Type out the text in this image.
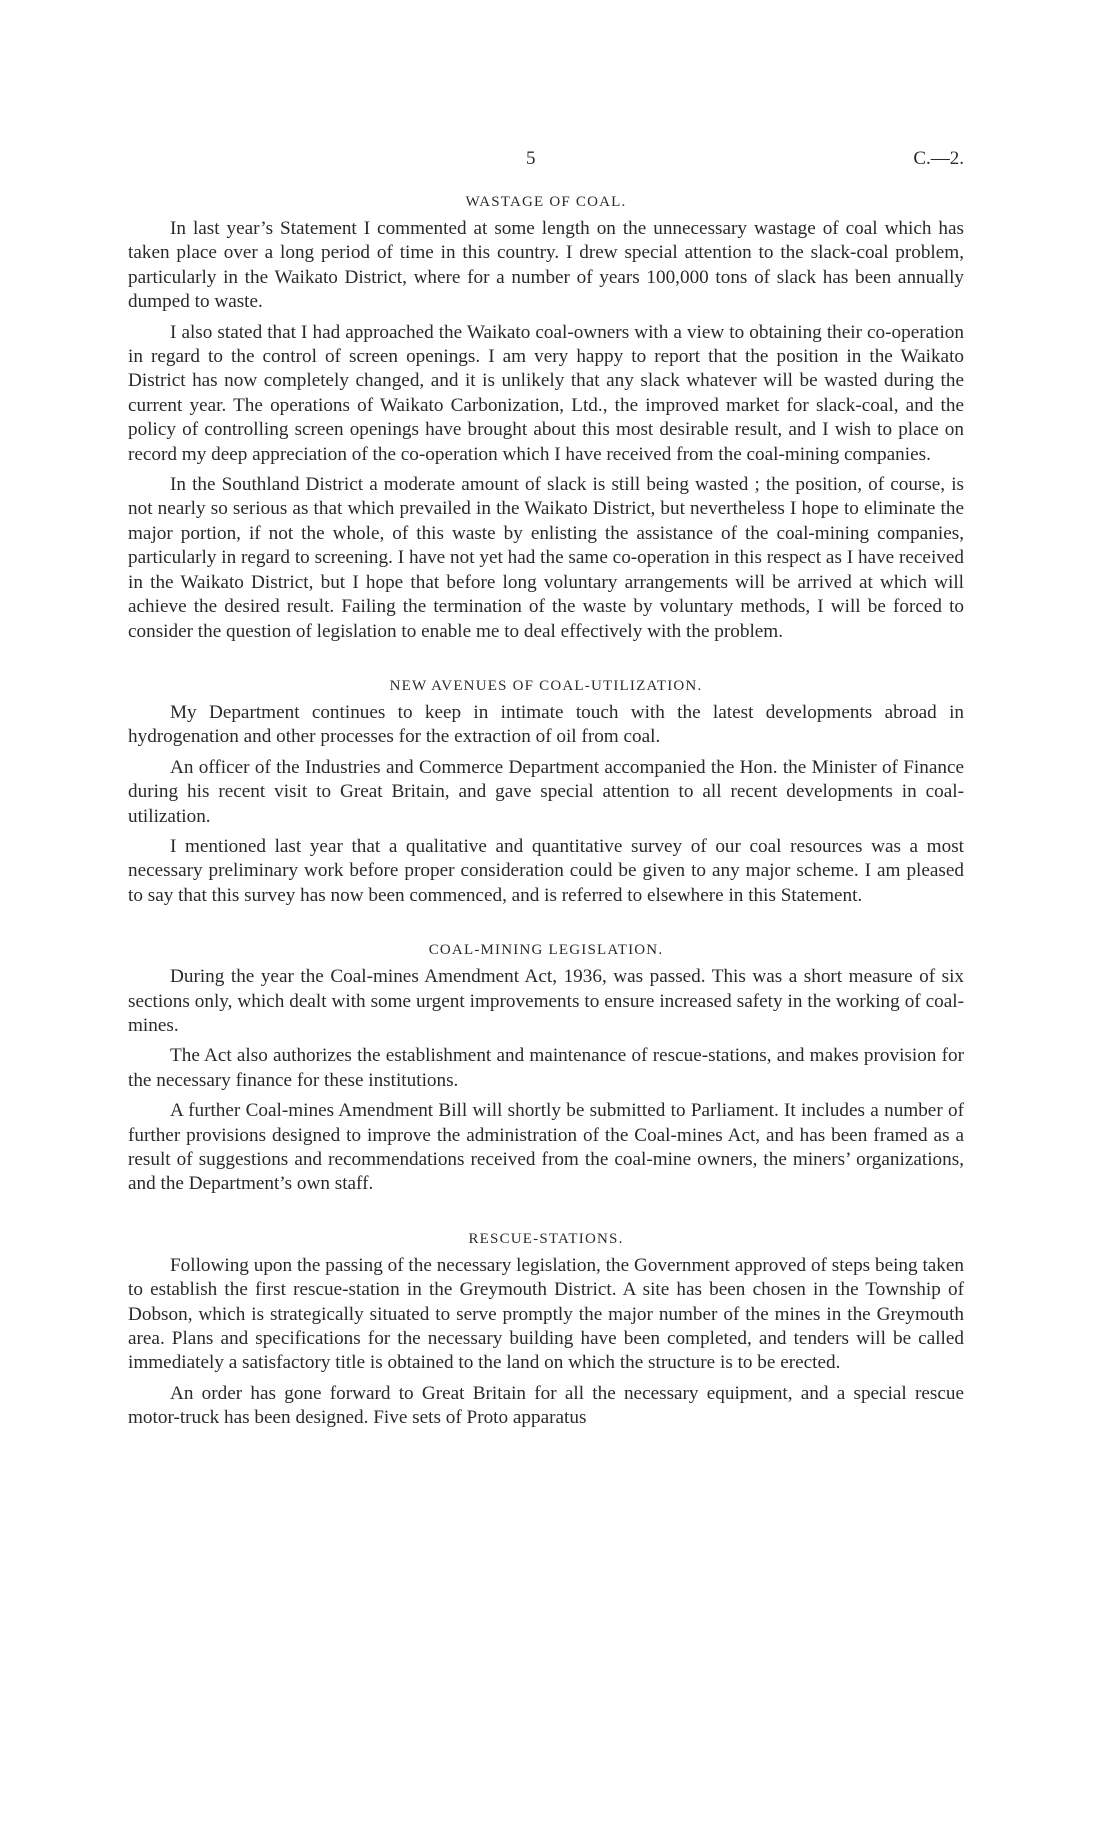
5	C.—2.
WASTAGE OF COAL.

In last year’s Statement I commented at some length on the unnecessary wastage of coal which has taken place over a long period of time in this country. I drew special attention to the slack-coal problem, particularly in the Waikato District, where for a number of years 100,000 tons of slack has been annually dumped to waste.

I also stated that I had approached the Waikato coal-owners with a view to obtaining their co-operation in regard to the control of screen openings. I am very happy to report that the position in the Waikato District has now completely changed, and it is unlikely that any slack whatever will be wasted during the current year. The operations of Waikato Carbonization, Ltd., the improved market for slack-coal, and the policy of controlling screen openings have brought about this most desirable result, and I wish to place on record my deep appreciation of the co-operation which I have received from the coal-mining companies.

In the Southland District a moderate amount of slack is still being wasted ; the position, of course, is not nearly so serious as that which prevailed in the Waikato District, but nevertheless I hope to eliminate the major portion, if not the whole, of this waste by enlisting the assistance of the coal-mining companies, particularly in regard to screening. I have not yet had the same co-operation in this respect as I have received in the Waikato District, but I hope that before long voluntary arrangements will be arrived at which will achieve the desired result. Failing the termination of the waste by voluntary methods, I will be forced to consider the question of legislation to enable me to deal effectively with the problem.

NEW AVENUES OF COAL-UTILIZATION.

My Department continues to keep in intimate touch with the latest developments abroad in hydrogenation and other processes for the extraction of oil from coal.

An officer of the Industries and Commerce Department accompanied the Hon. the Minister of Finance during his recent visit to Great Britain, and gave special attention to all recent developments in coal-utilization.

I mentioned last year that a qualitative and quantitative survey of our coal resources was a most necessary preliminary work before proper consideration could be given to any major scheme. I am pleased to say that this survey has now been commenced, and is referred to elsewhere in this Statement.

COAL-MINING LEGISLATION.

During the year the Coal-mines Amendment Act, 1936, was passed. This was a short measure of six sections only, which dealt with some urgent improvements to ensure increased safety in the working of coal-mines.

The Act also authorizes the establishment and maintenance of rescue-stations, and makes provision for the necessary finance for these institutions.

A further Coal-mines Amendment Bill will shortly be submitted to Parliament. It includes a number of further provisions designed to improve the administration of the Coal-mines Act, and has been framed as a result of suggestions and recommendations received from the coal-mine owners, the miners’ organizations, and the Department’s own staff.

RESCUE-STATIONS.

Following upon the passing of the necessary legislation, the Government approved of steps being taken to establish the first rescue-station in the Greymouth District. A site has been chosen in the Township of Dobson, which is strategically situated to serve promptly the major number of the mines in the Greymouth area. Plans and specifications for the necessary building have been completed, and tenders will be called immediately a satisfactory title is obtained to the land on which the structure is to be erected.

An order has gone forward to Great Britain for all the necessary equipment, and a special rescue motor-truck has been designed. Five sets of Proto apparatus
